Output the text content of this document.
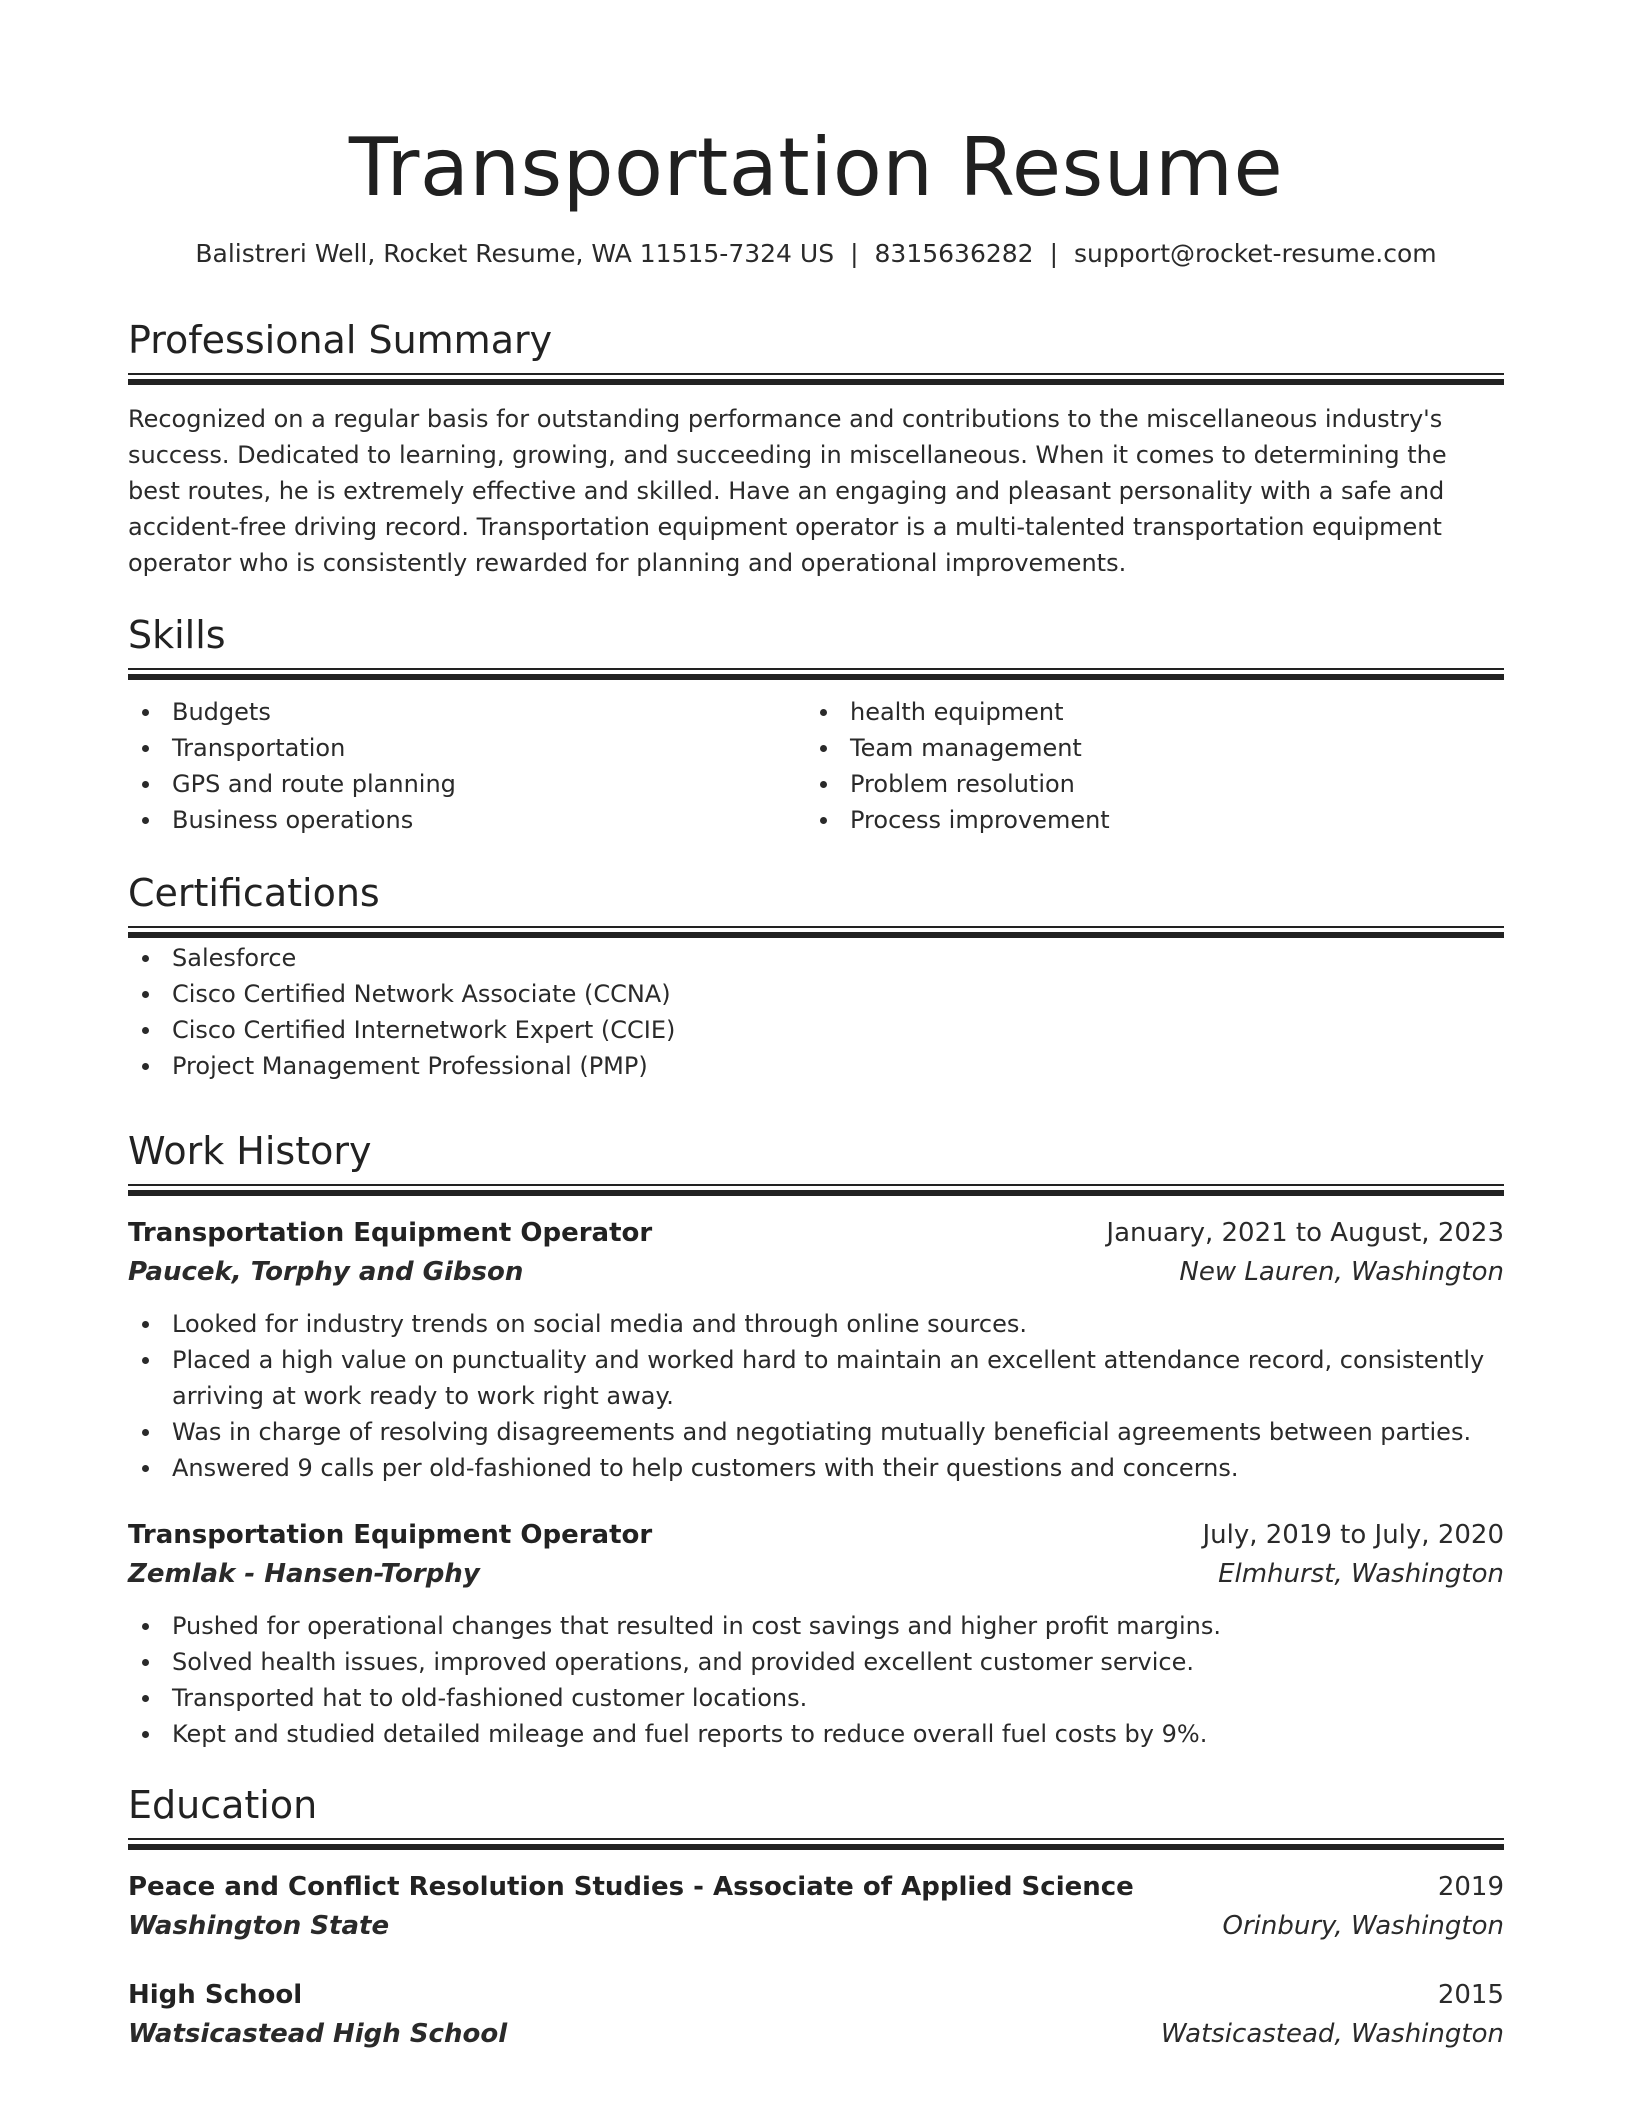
Transportation Resume
Balistreri Well, Rocket Resume, WA 11515-7324 US | 8315636282 | support@rocket-resume.com
Professional Summary
Recognized on a regular basis for outstanding performance and contributions to the miscellaneous industry's success. Dedicated to learning, growing, and succeeding in miscellaneous. When it comes to determining the best routes, he is extremely effective and skilled. Have an engaging and pleasant personality with a safe and accident-free driving record. Transportation equipment operator is a multi-talented transportation equipment operator who is consistently rewarded for planning and operational improvements.
Skills
Budgets
Transportation
GPS and route planning
Business operations
health equipment
Team management
Problem resolution
Process improvement
Certifications
Salesforce
Cisco Certified Network Associate (CCNA)
Cisco Certified Internetwork Expert (CCIE)
Project Management Professional (PMP)
Work History
Transportation Equipment Operator	January, 2021 to August, 2023
Paucek, Torphy and Gibson	New Lauren, Washington
Looked for industry trends on social media and through online sources.
Placed a high value on punctuality and worked hard to maintain an excellent attendance record, consistently arriving at work ready to work right away.
Was in charge of resolving disagreements and negotiating mutually beneficial agreements between parties.
Answered 9 calls per old-fashioned to help customers with their questions and concerns.
Transportation Equipment Operator	July, 2019 to July, 2020
Zemlak - Hansen-Torphy	Elmhurst, Washington
Pushed for operational changes that resulted in cost savings and higher profit margins.
Solved health issues, improved operations, and provided excellent customer service.
Transported hat to old-fashioned customer locations.
Kept and studied detailed mileage and fuel reports to reduce overall fuel costs by 9%.
Education
Peace and Conflict Resolution Studies - Associate of Applied Science	2019
Washington State	Orinbury, Washington
High School	2015
Watsicastead High School	Watsicastead, Washington
